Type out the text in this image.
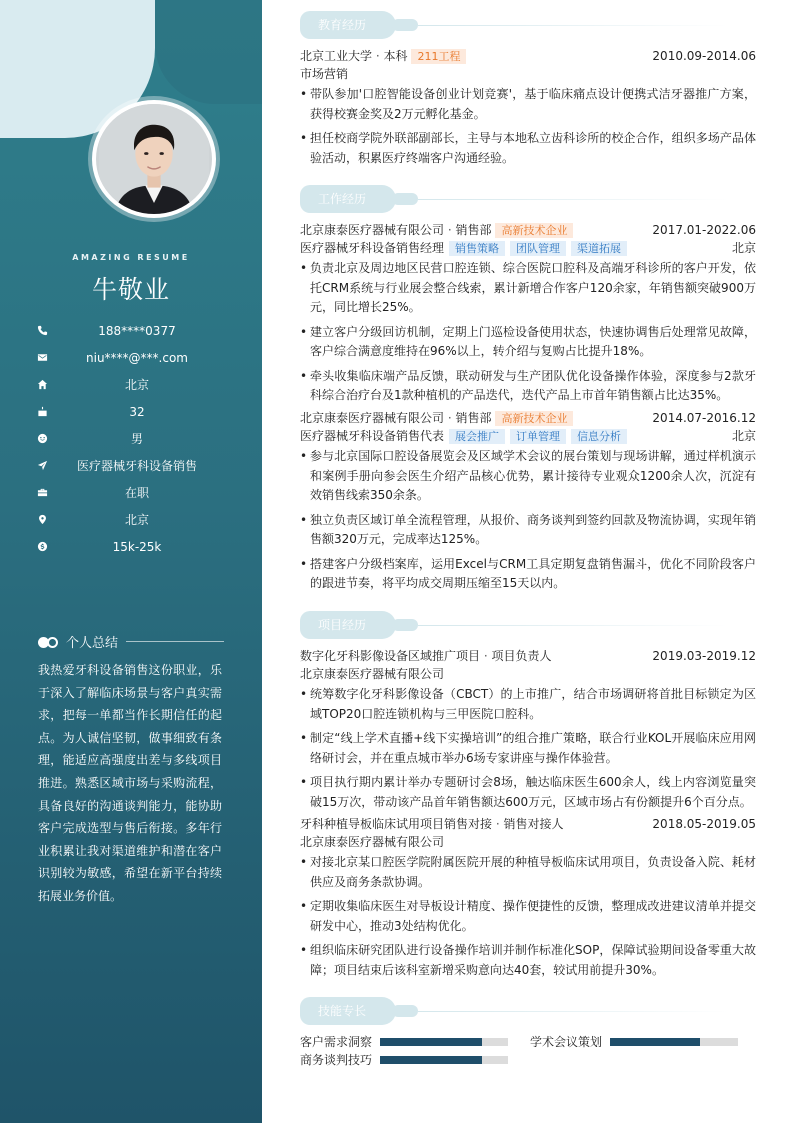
AMAZING RESUME
牛敬业
188****0377
niu****@***.com
北京
32
男
医疗器械牙科设备销售
在职
北京
15k-25k
个人总结
我热爱牙科设备销售这份职业，乐于深入了解临床场景与客户真实需求，把每一单都当作长期信任的起点。为人诚信坚韧，做事细致有条理，能适应高强度出差与多线项目推进。熟悉区域市场与采购流程，具备良好的沟通谈判能力，能协助客户完成选型与售后衔接。多年行业积累让我对渠道维护和潜在客户识别较为敏感，希望在新平台持续拓展业务价值。
教育经历
北京工业大学 · 本科 211工程	2010.09-2014.06
市场营销
• 带队参加'口腔智能设备创业计划竞赛'，基于临床痛点设计便携式洁牙器推广方案，获得校赛金奖及2万元孵化基金。
• 担任校商学院外联部副部长，主导与本地私立齿科诊所的校企合作，组织多场产品体验活动，积累医疗终端客户沟通经验。
工作经历
北京康泰医疗器械有限公司 · 销售部 高新技术企业	2017.01-2022.06
医疗器械牙科设备销售经理 销售策略 团队管理 渠道拓展	北京
• 负责北京及周边地区民营口腔连锁、综合医院口腔科及高端牙科诊所的客户开发，依托CRM系统与行业展会整合线索，累计新增合作客户120余家，年销售额突破900万元，同比增长25%。
• 建立客户分级回访机制，定期上门巡检设备使用状态，快速协调售后处理常见故障，客户综合满意度维持在96%以上，转介绍与复购占比提升18%。
• 牵头收集临床端产品反馈，联动研发与生产团队优化设备操作体验，深度参与2款牙科综合治疗台及1款种植机的产品迭代，迭代产品上市首年销售额占比达35%。
北京康泰医疗器械有限公司 · 销售部 高新技术企业	2014.07-2016.12
医疗器械牙科设备销售代表 展会推广 订单管理 信息分析	北京
• 参与北京国际口腔设备展览会及区域学术会议的展台策划与现场讲解，通过样机演示和案例手册向参会医生介绍产品核心优势，累计接待专业观众1200余人次，沉淀有效销售线索350余条。
• 独立负责区域订单全流程管理，从报价、商务谈判到签约回款及物流协调，实现年销售额320万元，完成率达125%。
• 搭建客户分级档案库，运用Excel与CRM工具定期复盘销售漏斗，优化不同阶段客户的跟进节奏，将平均成交周期压缩至15天以内。
项目经历
数字化牙科影像设备区域推广项目 · 项目负责人	2019.03-2019.12
北京康泰医疗器械有限公司
• 统筹数字化牙科影像设备（CBCT）的上市推广，结合市场调研将首批目标锁定为区域TOP20口腔连锁机构与三甲医院口腔科。
• 制定“线上学术直播+线下实操培训”的组合推广策略，联合行业KOL开展临床应用网络研讨会，并在重点城市举办6场专家讲座与操作体验营。
• 项目执行期内累计举办专题研讨会8场，触达临床医生600余人，线上内容浏览量突破15万次，带动该产品首年销售额达600万元，区域市场占有份额提升6个百分点。
牙科种植导板临床试用项目销售对接 · 销售对接人	2018.05-2019.05
北京康泰医疗器械有限公司
• 对接北京某口腔医学院附属医院开展的种植导板临床试用项目，负责设备入院、耗材供应及商务条款协调。
• 定期收集临床医生对导板设计精度、操作便捷性的反馈，整理成改进建议清单并提交研发中心，推动3处结构优化。
• 组织临床研究团队进行设备操作培训并制作标准化SOP，保障试验期间设备零重大故障；项目结束后该科室新增采购意向达40套，较试用前提升30%。
技能专长
客户需求洞察	学术会议策划
商务谈判技巧
